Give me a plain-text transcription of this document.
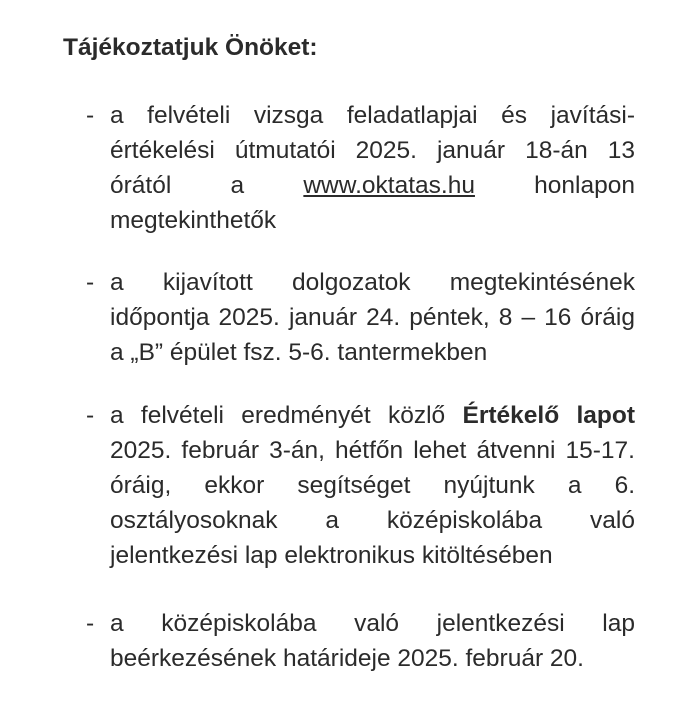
Tájékoztatjuk Önöket:
- a felvételi vizsga feladatlapjai és javítási-
értékelési útmutatói 2025. január 18-án 13
órától a www.oktatas.hu honlapon
megtekinthetők
- a kijavított dolgozatok megtekintésének
időpontja 2025. január 24. péntek, 8 – 16 óráig
a „B” épület fsz. 5-6. tantermekben
- a felvételi eredményét közlő Értékelő lapot
2025. február 3-án, hétfőn lehet átvenni 15-17.
óráig, ekkor segítséget nyújtunk a 6.
osztályosoknak a középiskolába való
jelentkezési lap elektronikus kitöltésében
- a középiskolába való jelentkezési lap
beérkezésének határideje 2025. február 20.
